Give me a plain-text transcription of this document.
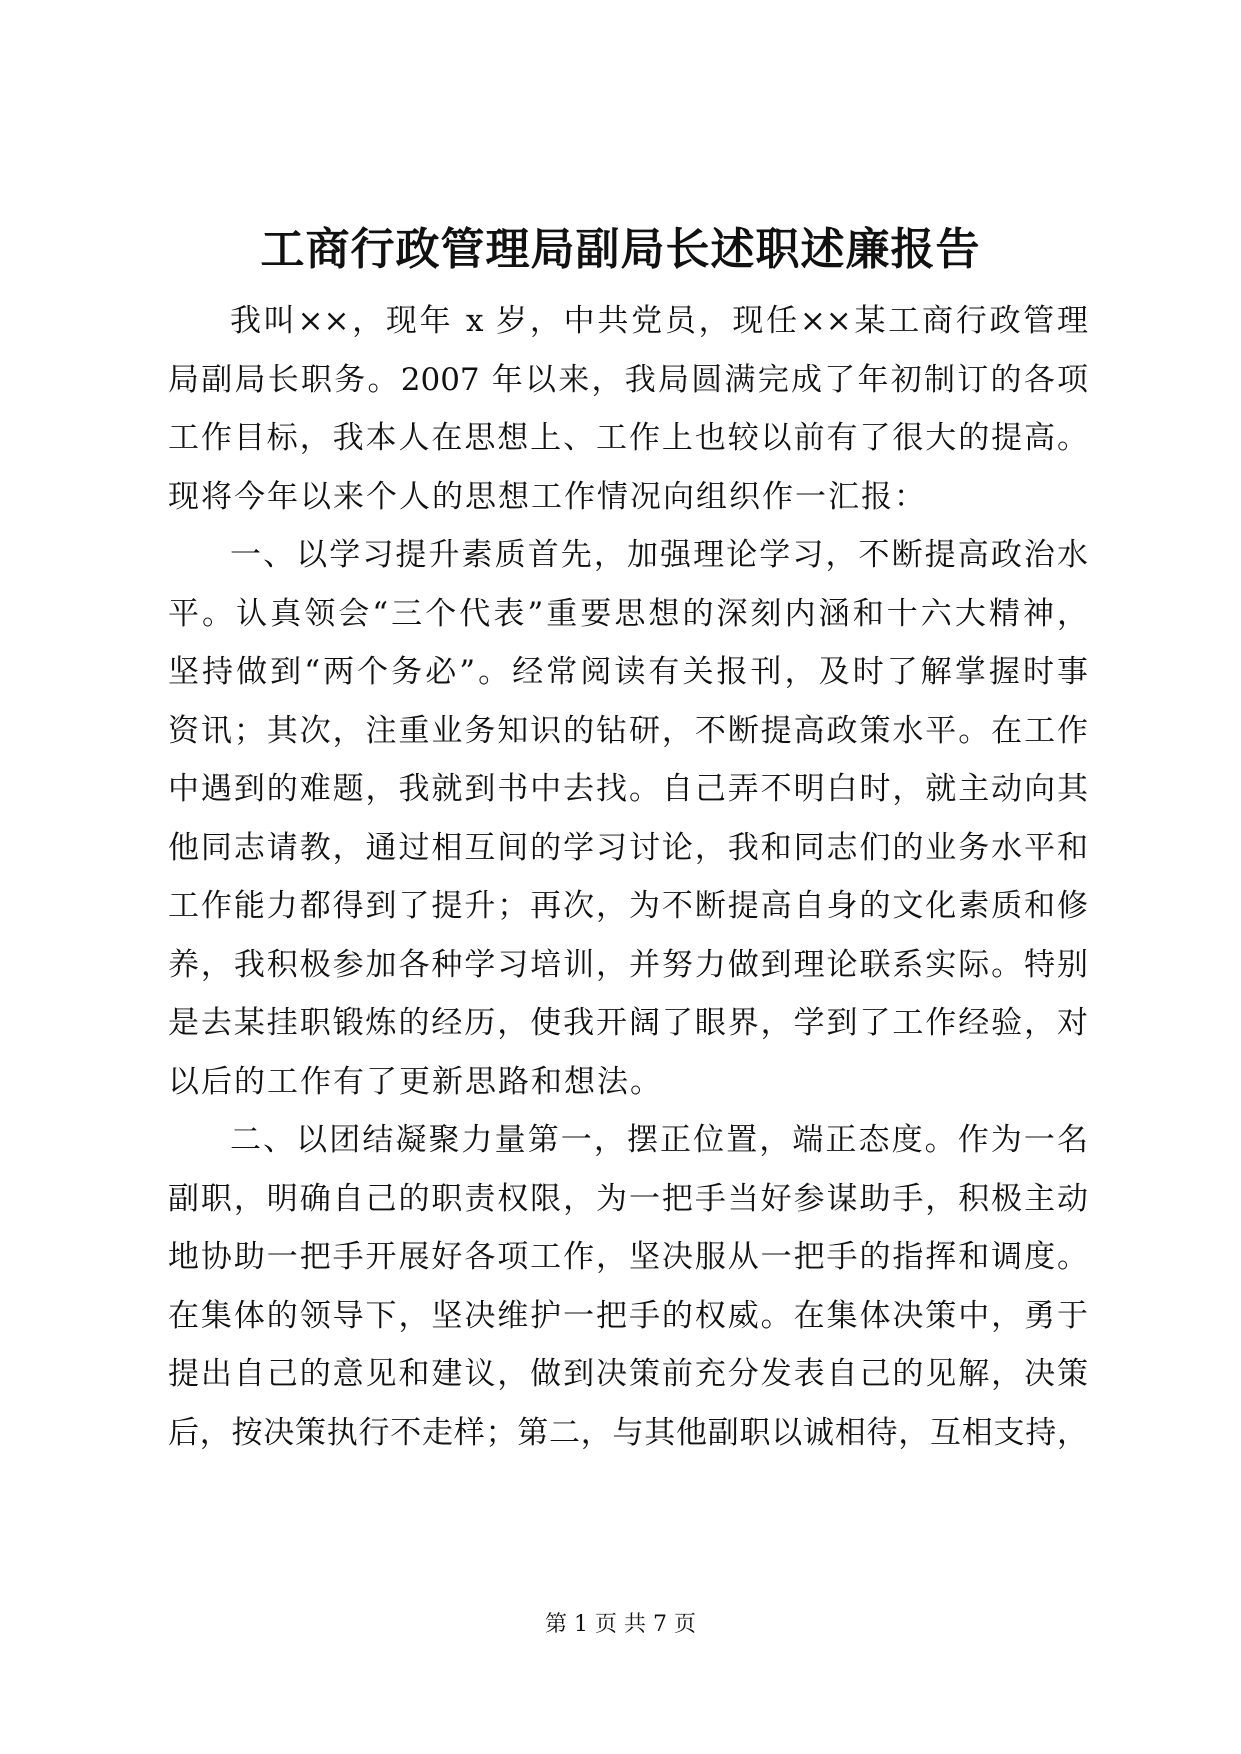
工商行政管理局副局长述职述廉报告
我叫××，现年 x 岁，中共党员，现任××某工商行政管理
局副局长职务。2007 年以来，我局圆满完成了年初制订的各项
工作目标，我本人在思想上、工作上也较以前有了很大的提高。
现将今年以来个人的思想工作情况向组织作一汇报：
一、以学习提升素质首先，加强理论学习，不断提高政治水
平。认真领会“三个代表”重要思想的深刻内涵和十六大精神，
坚持做到“两个务必”。经常阅读有关报刊，及时了解掌握时事
资讯；其次，注重业务知识的钻研，不断提高政策水平。在工作
中遇到的难题，我就到书中去找。自己弄不明白时，就主动向其
他同志请教，通过相互间的学习讨论，我和同志们的业务水平和
工作能力都得到了提升；再次，为不断提高自身的文化素质和修
养，我积极参加各种学习培训，并努力做到理论联系实际。特别
是去某挂职锻炼的经历，使我开阔了眼界，学到了工作经验，对
以后的工作有了更新思路和想法。
二、以团结凝聚力量第一，摆正位置，端正态度。作为一名
副职，明确自己的职责权限，为一把手当好参谋助手，积极主动
地协助一把手开展好各项工作，坚决服从一把手的指挥和调度。
在集体的领导下，坚决维护一把手的权威。在集体决策中，勇于
提出自己的意见和建议，做到决策前充分发表自己的见解，决策
后，按决策执行不走样；第二，与其他副职以诚相待，互相支持，
第 1 页 共 7 页
